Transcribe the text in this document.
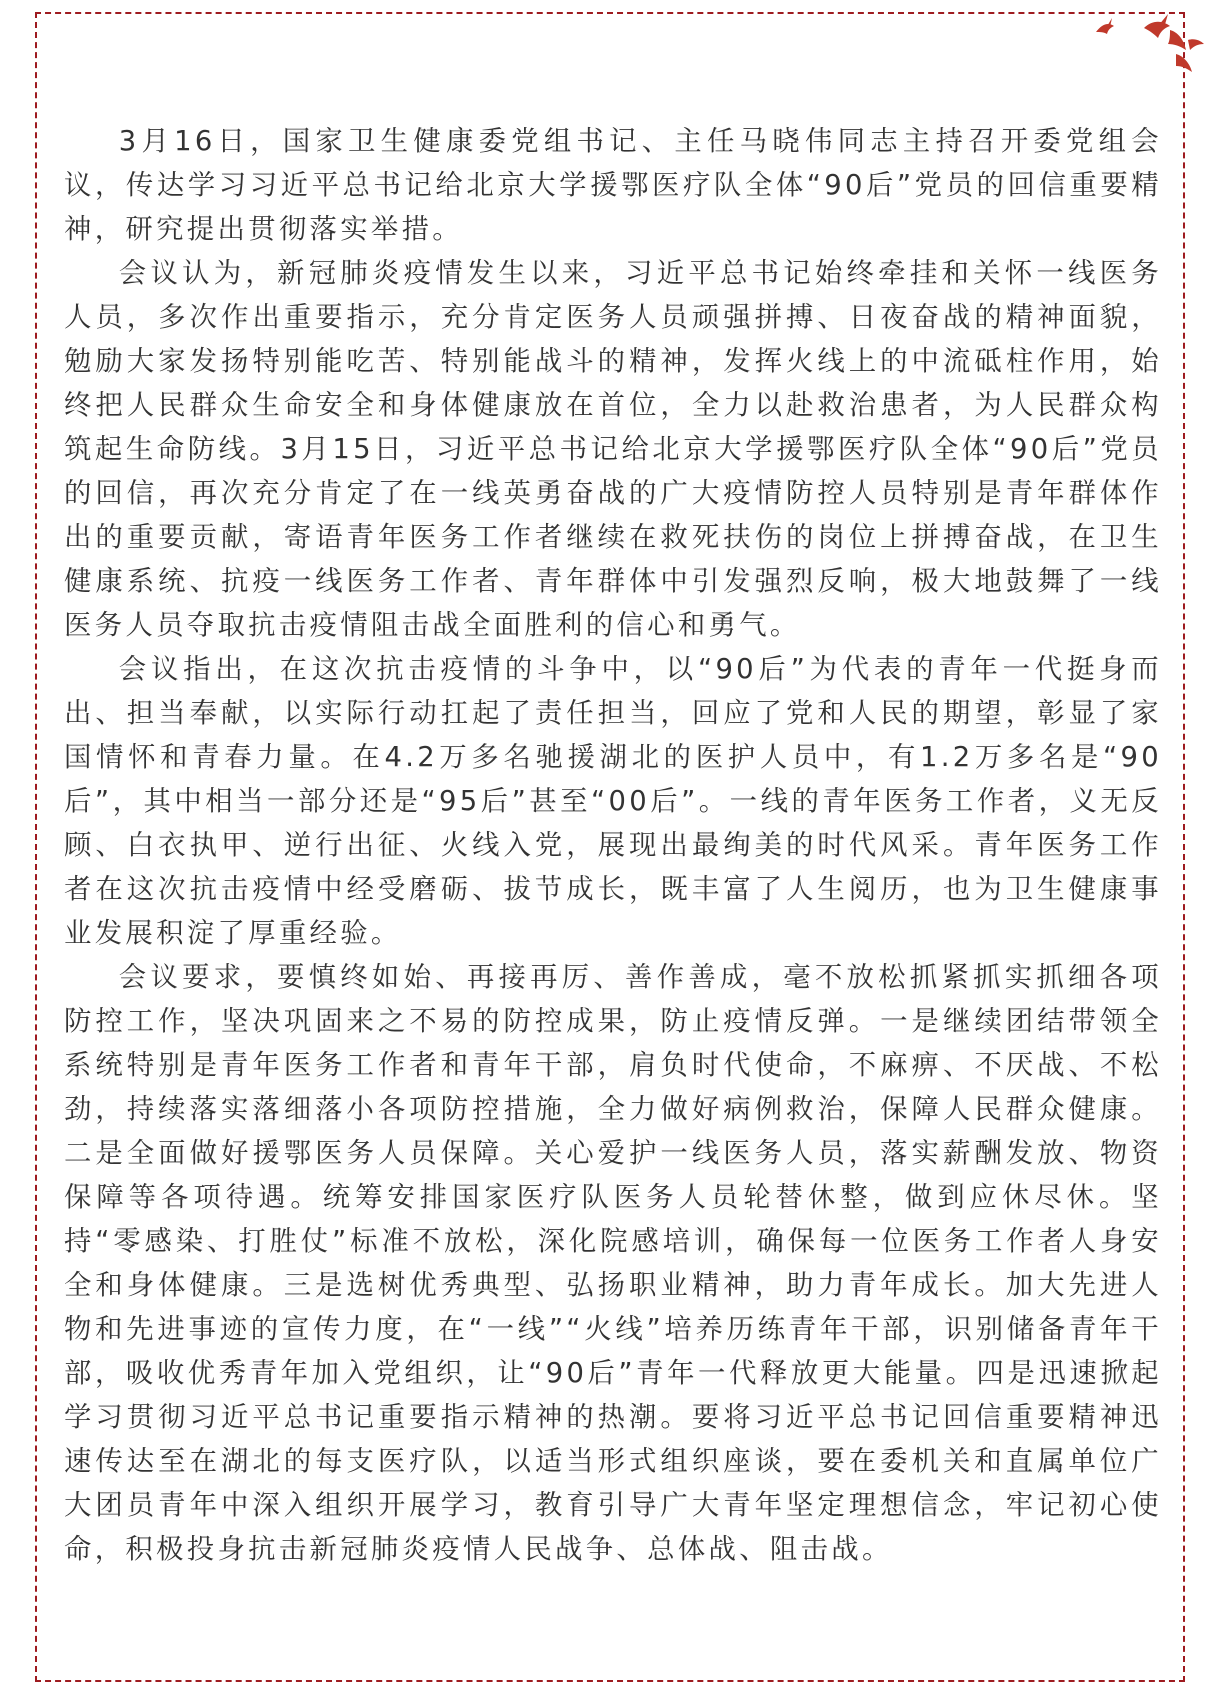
3月16日，国家卫生健康委党组书记、主任马晓伟同志主持召开委党组会议，传达学习习近平总书记给北京大学援鄂医疗队全体“90后”党员的回信重要精神，研究提出贯彻落实举措。

会议认为，新冠肺炎疫情发生以来，习近平总书记始终牵挂和关怀一线医务人员，多次作出重要指示，充分肯定医务人员顽强拼搏、日夜奋战的精神面貌，勉励大家发扬特别能吃苦、特别能战斗的精神，发挥火线上的中流砥柱作用，始终把人民群众生命安全和身体健康放在首位，全力以赴救治患者，为人民群众构筑起生命防线。3月15日，习近平总书记给北京大学援鄂医疗队全体“90后”党员的回信，再次充分肯定了在一线英勇奋战的广大疫情防控人员特别是青年群体作出的重要贡献，寄语青年医务工作者继续在救死扶伤的岗位上拼搏奋战，在卫生健康系统、抗疫一线医务工作者、青年群体中引发强烈反响，极大地鼓舞了一线医务人员夺取抗击疫情阻击战全面胜利的信心和勇气。

会议指出，在这次抗击疫情的斗争中，以“90后”为代表的青年一代挺身而出、担当奉献，以实际行动扛起了责任担当，回应了党和人民的期望，彰显了家国情怀和青春力量。在4.2万多名驰援湖北的医护人员中，有1.2万多名是“90后”，其中相当一部分还是“95后”甚至“00后”。一线的青年医务工作者，义无反顾、白衣执甲、逆行出征、火线入党，展现出最绚美的时代风采。青年医务工作者在这次抗击疫情中经受磨砺、拔节成长，既丰富了人生阅历，也为卫生健康事业发展积淀了厚重经验。

会议要求，要慎终如始、再接再厉、善作善成，毫不放松抓紧抓实抓细各项防控工作，坚决巩固来之不易的防控成果，防止疫情反弹。一是继续团结带领全系统特别是青年医务工作者和青年干部，肩负时代使命，不麻痹、不厌战、不松劲，持续落实落细落小各项防控措施，全力做好病例救治，保障人民群众健康。二是全面做好援鄂医务人员保障。关心爱护一线医务人员，落实薪酬发放、物资保障等各项待遇。统筹安排国家医疗队医务人员轮替休整，做到应休尽休。坚持“零感染、打胜仗”标准不放松，深化院感培训，确保每一位医务工作者人身安全和身体健康。三是选树优秀典型、弘扬职业精神，助力青年成长。加大先进人物和先进事迹的宣传力度，在“一线”“火线”培养历练青年干部，识别储备青年干部，吸收优秀青年加入党组织，让“90后”青年一代释放更大能量。四是迅速掀起学习贯彻习近平总书记重要指示精神的热潮。要将习近平总书记回信重要精神迅速传达至在湖北的每支医疗队，以适当形式组织座谈，要在委机关和直属单位广大团员青年中深入组织开展学习，教育引导广大青年坚定理想信念，牢记初心使命，积极投身抗击新冠肺炎疫情人民战争、总体战、阻击战。
